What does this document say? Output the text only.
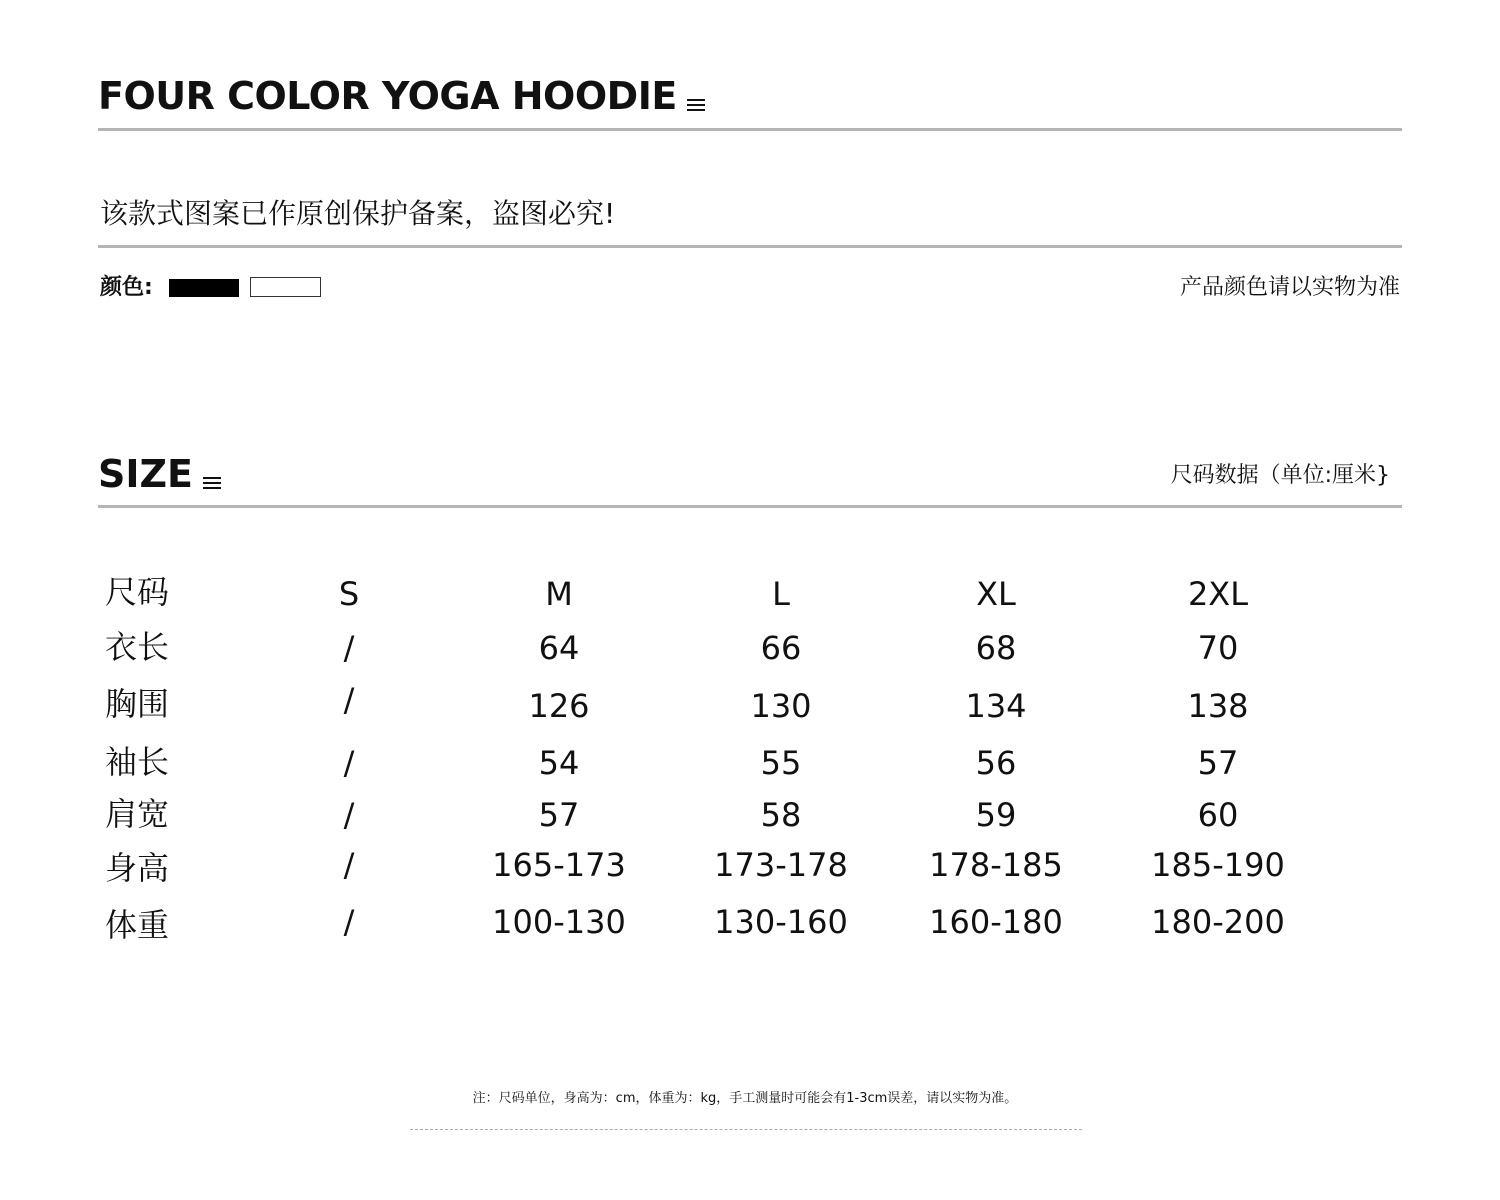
FOUR COLOR YOGA HOODIE
该款式图案已作原创保护备案，盗图必究!
颜色:	产品颜色请以实物为准
SIZE	尺码数据（单位:厘米}
尺码	S	M	L	XL	2XL
衣长	/	64	66	68	70
胸围	/	126	130	134	138
袖长	/	54	55	56	57
肩宽	/	57	58	59	60
身高	/	165-173	173-178	178-185	185-190
体重	/	100-130	130-160	160-180	180-200
注：尺码单位，身高为：cm，体重为：kg，手工测量时可能会有1-3cm误差，请以实物为准。
